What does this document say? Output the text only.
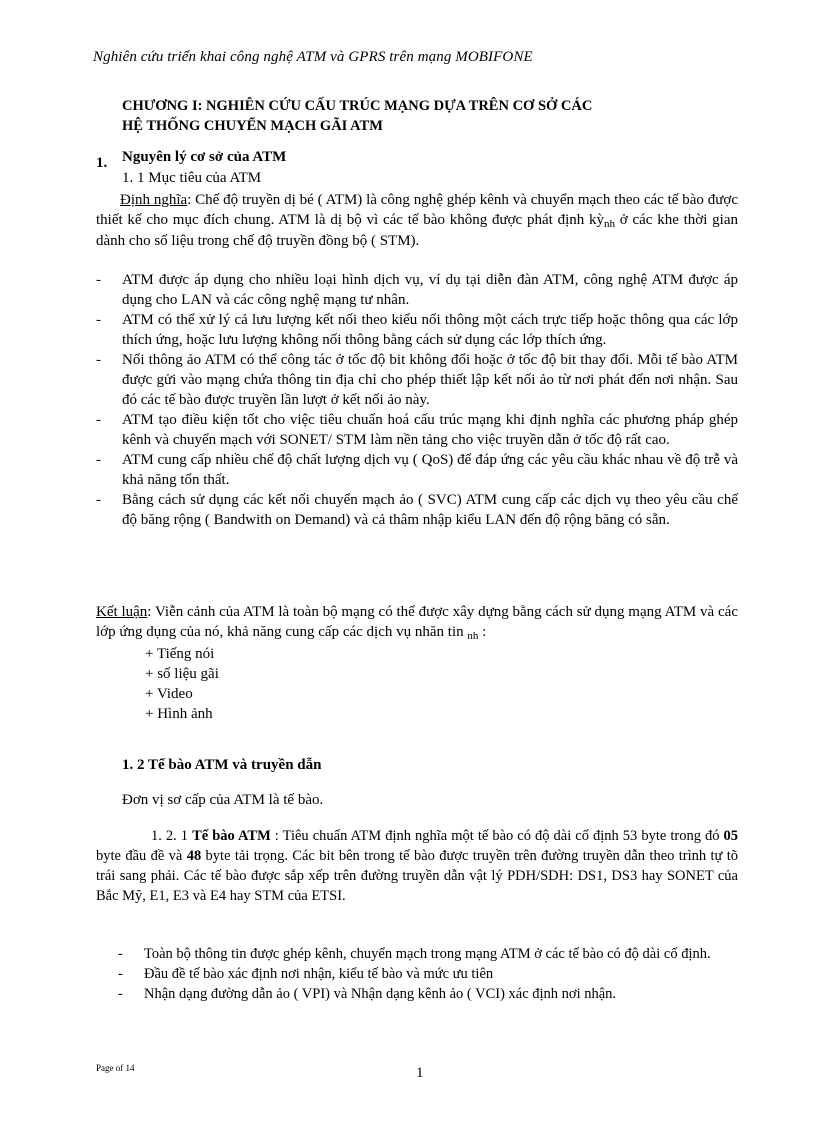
Nghiên cứu triển khai công nghệ ATM và GPRS trên mạng MOBIFONE
CHƯƠNG I: NGHIÊN CỨU CẤU TRÚC MẠNG DỰA TRÊN CƠ SỞ CÁC
HỆ THỐNG CHUYỂN MẠCH GÃI ATM
1. Nguyên lý cơ sở của ATM
1. 1 Mục tiêu của ATM
Định nghĩa: Chế độ truyền dị bé ( ATM) là công nghệ ghép kênh và chuyển mạch theo các tế bào được thiết kế cho mục đích chung. ATM là dị bộ vì các tế bào không được phát định kỳ$_{nh}$ ở các khe thời gian dành cho số liệu trong chế độ truyền đồng bộ ( STM).
-	ATM được áp dụng cho nhiều loại hình dịch vụ, ví dụ tại diễn đàn ATM, công nghệ ATM được áp dụng cho LAN và các công nghệ mạng tư nhân.
-	ATM có thể xử lý cả lưu lượng kết nối theo kiểu nối thông một cách trực tiếp hoặc thông qua các lớp thích ứng, hoặc lưu lượng không nối thông bằng cách sử dụng các lớp thích ứng.
-	Nối thông ảo ATM có thể công tác ở tốc độ bit không đổi hoặc ở tốc độ bit thay đổi. Mỗi tế bào ATM được gửi vào mạng chứa thông tin địa chỉ cho phép thiết lập kết nối ảo từ nơi phát đến nơi nhận. Sau đó các tế bào được truyền lần lượt ở kết nối ảo này.
-	ATM tạo điều kiện tốt cho việc tiêu chuẩn hoá cấu trúc mạng khi định nghĩa các phương pháp ghép kênh và chuyển mạch với SONET/ STM làm nền tảng cho việc truyền dẫn ở tốc độ rất cao.
-	ATM cung cấp nhiều chế độ chất lượng dịch vụ ( QoS) để đáp ứng các yêu cầu khác nhau về độ trễ và khả năng tổn thất.
-	Bằng cách sử dụng các kết nối chuyển mạch ảo ( SVC) ATM cung cấp các dịch vụ theo yêu cầu chế độ băng rộng ( Bandwith on Demand) và cả thâm nhập kiểu LAN đến độ rộng băng có sẵn.
Kết luận: Viễn cảnh của ATM là toàn bộ mạng có thể được xây dựng bằng cách sử dụng mạng ATM và các lớp ứng dụng của nó, khả năng cung cấp các dịch vụ nhăn tin $_{nh}$ :
+ Tiếng nói
+ số liệu gãi
+ Video
+ Hình ảnh
1. 2 Tế bào ATM và truyền dẫn
Đơn vị sơ cấp của ATM là tế bào.
1. 2. 1 Tế bào ATM : Tiêu chuẩn ATM định nghĩa một tế bào có độ dài cố định 53 byte trong đó 05 byte đầu đề và 48 byte tải trọng. Các bit bên trong tế bào được truyền trên đường truyền dẫn theo trình tự tõ trái sang phải. Các tế bào được sắp xếp trên đường truyền dẫn vật lý PDH/SDH: DS1, DS3 hay SONET của Bắc Mỹ, E1, E3 và E4 hay STM của ETSI.
-	Toàn bộ thông tin được ghép kênh, chuyển mạch trong mạng ATM ở các tế bào có độ dài cố định.
-	Đầu đề tế bào xác định nơi nhận, kiểu tế bào và mức ưu tiên
-	Nhận dạng đường dẫn ảo ( VPI) và Nhận dạng kênh ảo ( VCI) xác định nơi nhận.
Page of 14	1
